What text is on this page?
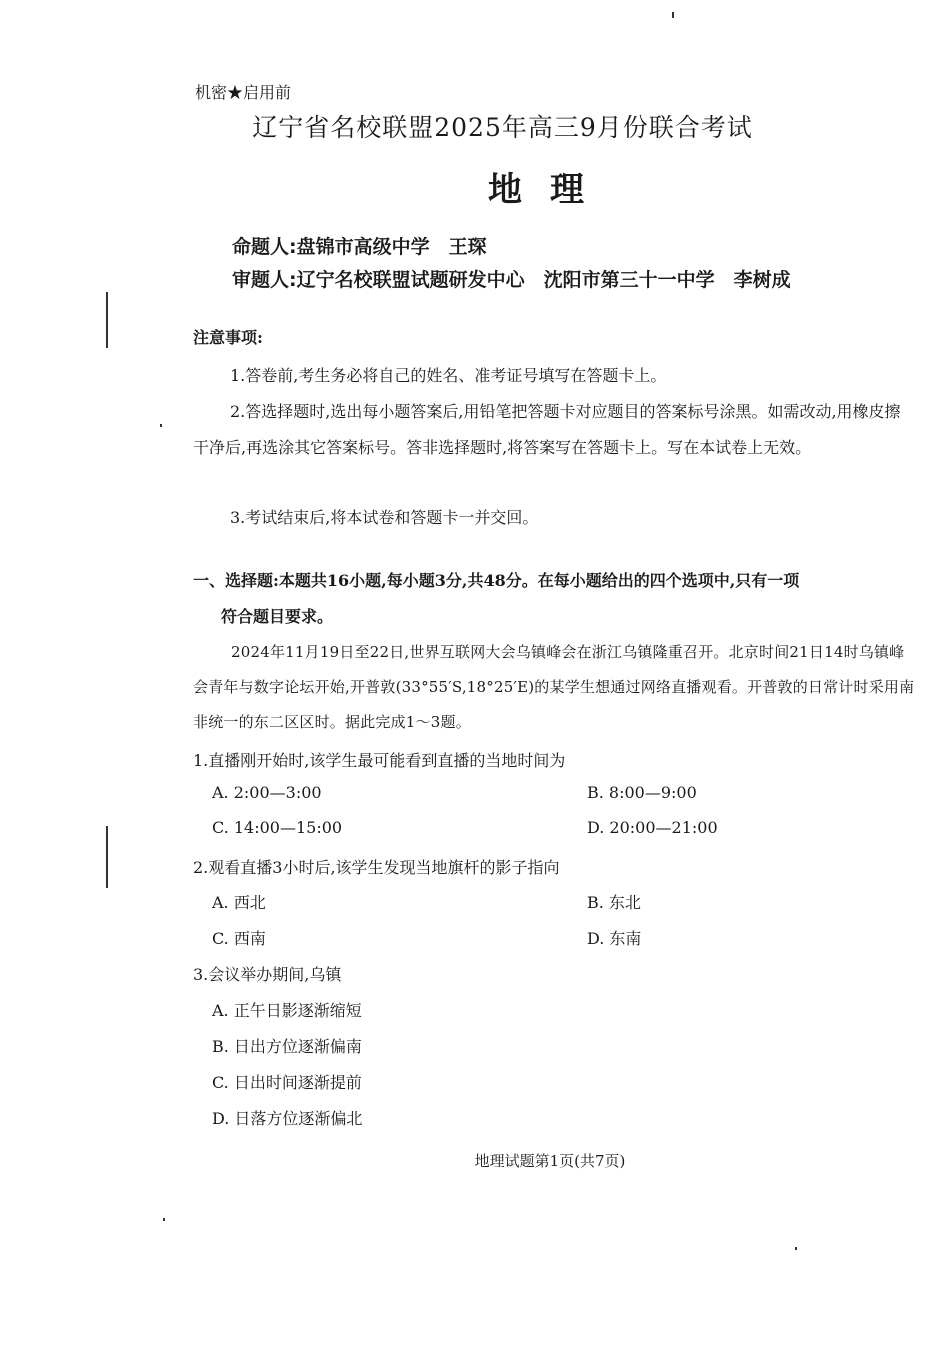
机密★启用前
辽宁省名校联盟2025年高三9月份联合考试
地理
命题人:盘锦市高级中学　王琛
审题人:辽宁名校联盟试题研发中心　沈阳市第三十一中学　李树成
注意事项:
1.答卷前,考生务必将自己的姓名、准考证号填写在答题卡上。
2.答选择题时,选出每小题答案后,用铅笔把答题卡对应题目的答案标号涂黑。如需改动,用橡皮擦干净后,再选涂其它答案标号。答非选择题时,将答案写在答题卡上。写在本试卷上无效。
3.考试结束后,将本试卷和答题卡一并交回。
一、选择题:本题共16小题,每小题3分,共48分。在每小题给出的四个选项中,只有一项
符合题目要求。
2024年11月19日至22日,世界互联网大会乌镇峰会在浙江乌镇隆重召开。北京时间21日14时乌镇峰会青年与数字论坛开始,开普敦(33°55′S,18°25′E)的某学生想通过网络直播观看。开普敦的日常计时采用南非统一的东二区区时。据此完成1～3题。
1.直播刚开始时,该学生最可能看到直播的当地时间为
A. 2:00—3:00	B. 8:00—9:00
C. 14:00—15:00	D. 20:00—21:00
2.观看直播3小时后,该学生发现当地旗杆的影子指向
A. 西北	B. 东北
C. 西南	D. 东南
3.会议举办期间,乌镇
A. 正午日影逐渐缩短
B. 日出方位逐渐偏南
C. 日出时间逐渐提前
D. 日落方位逐渐偏北
地理试题第1页(共7页)
